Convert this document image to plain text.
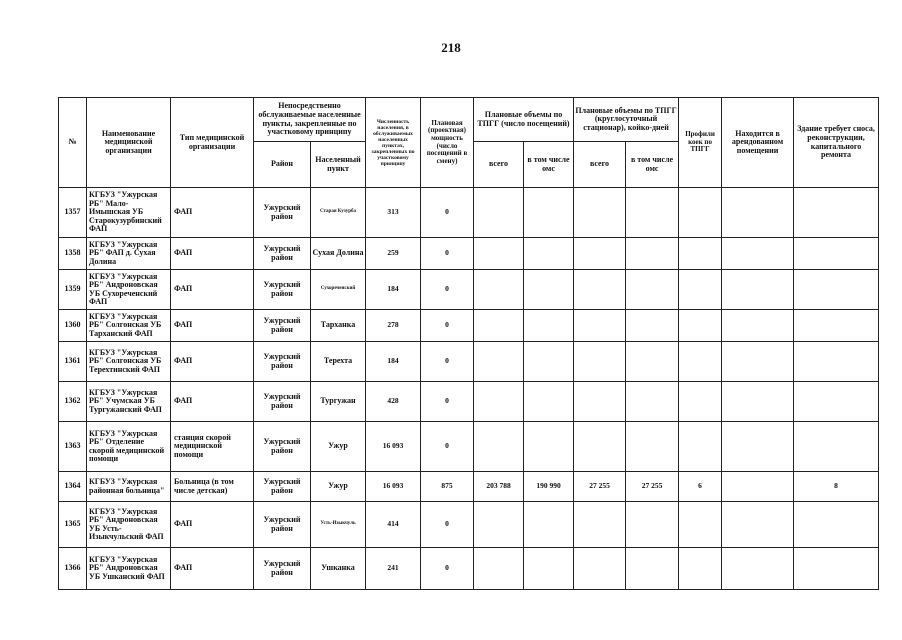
218
№	Наименование медицинской организации	Тип медицинской организации	Непосредственно обслуживаемые населенные пункты, закрепленные по участковому принципу		Численность населения, в обслуживаемых населенных пунктах, закрепленных по участковому принципу	Плановая (проектная) мощность (число посещений в смену)	Плановые объемы по ТПГГ (число посещений)		Плановые объемы по ТПГГ (круглосуточный стационар), койко-дней		Профили коек по ТПГГ	Находится в арендованном помещении	Здание требует сноса, реконструкции, капитального ремонта
			Район	Населенный пункт			всего	в том числе омс	всего	в том числе омс			
1357	КГБУЗ "Ужурская РБ" Мало-Имышская УБ Старокузурбинский ФАП	ФАП	Ужурский район	Старая Кузурба	313	0							
1358	КГБУЗ "Ужурская РБ" ФАП д. Сухая Долина	ФАП	Ужурский район	Сухая Долина	259	0							
1359	КГБУЗ "Ужурская РБ" Андроновская УБ Сухореченский ФАП	ФАП	Ужурский район	Сухореченский	184	0							
1360	КГБУЗ "Ужурская РБ" Солгонская УБ Тарханский ФАП	ФАП	Ужурский район	Тарханка	278	0							
1361	КГБУЗ "Ужурская РБ" Солгонская УБ Терехтинский ФАП	ФАП	Ужурский район	Терехта	184	0							
1362	КГБУЗ "Ужурская РБ" Учумская УБ Тургужанский ФАП	ФАП	Ужурский район	Тургужан	428	0							
1363	КГБУЗ "Ужурская РБ" Отделение скорой медицинской помощи	станция скорой медицинской помощи	Ужурский район	Ужур	16 093	0							
1364	КГБУЗ "Ужурская районная больница"	Больница (в том числе детская)	Ужурский район	Ужур	16 093	875	203 788	190 990	27 255	27 255	6		8
1365	КГБУЗ "Ужурская РБ" Андроновская УБ Усть-Изыкчульский ФАП	ФАП	Ужурский район	Усть-Изыкчуль	414	0							
1366	КГБУЗ "Ужурская РБ" Андроновская УБ Ушканский ФАП	ФАП	Ужурский район	Ушканка	241	0							
